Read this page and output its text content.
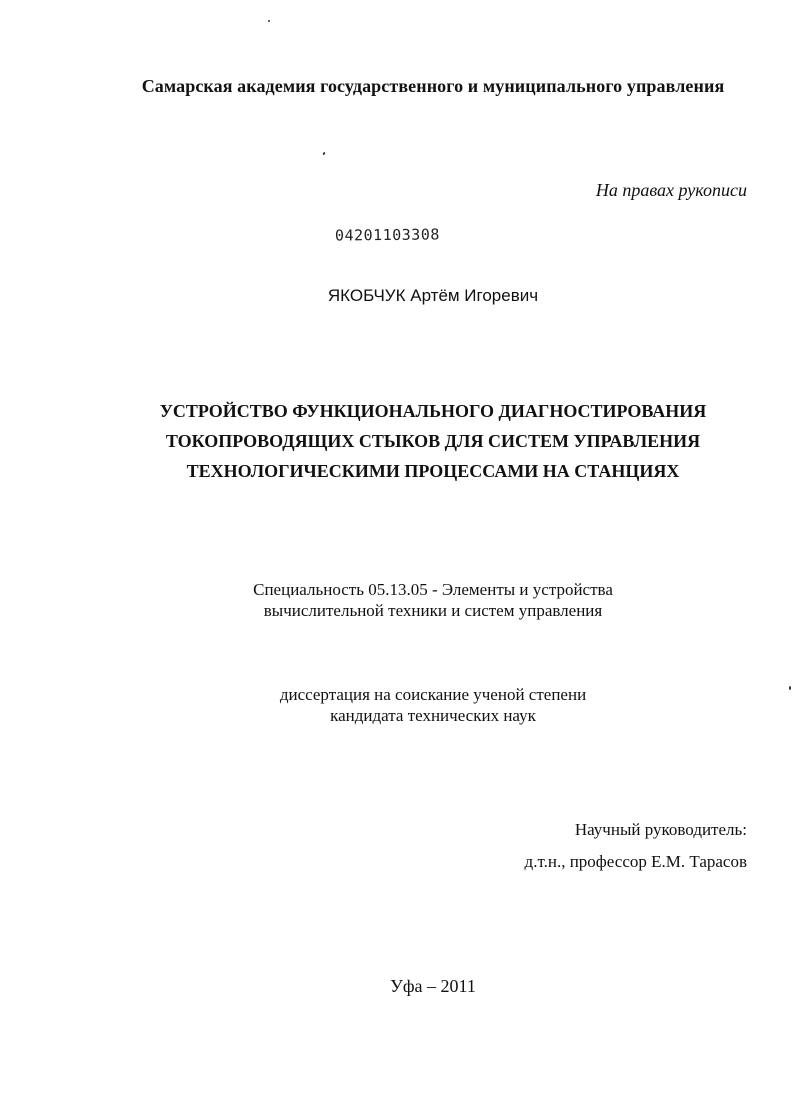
Самарская академия государственного и муниципального управления
На правах рукописи
04201103308
ЯКОБЧУК Артём Игоревич
УСТРОЙСТВО ФУНКЦИОНАЛЬНОГО ДИАГНОСТИРОВАНИЯ
ТОКОПРОВОДЯЩИХ СТЫКОВ ДЛЯ СИСТЕМ УПРАВЛЕНИЯ
ТЕХНОЛОГИЧЕСКИМИ ПРОЦЕССАМИ НА СТАНЦИЯХ
Специальность 05.13.05 - Элементы и устройства
вычислительной техники и систем управления
диссертация на соискание ученой степени
кандидата технических наук
Научный руководитель:
д.т.н., профессор Е.М. Тарасов
Уфа – 2011
